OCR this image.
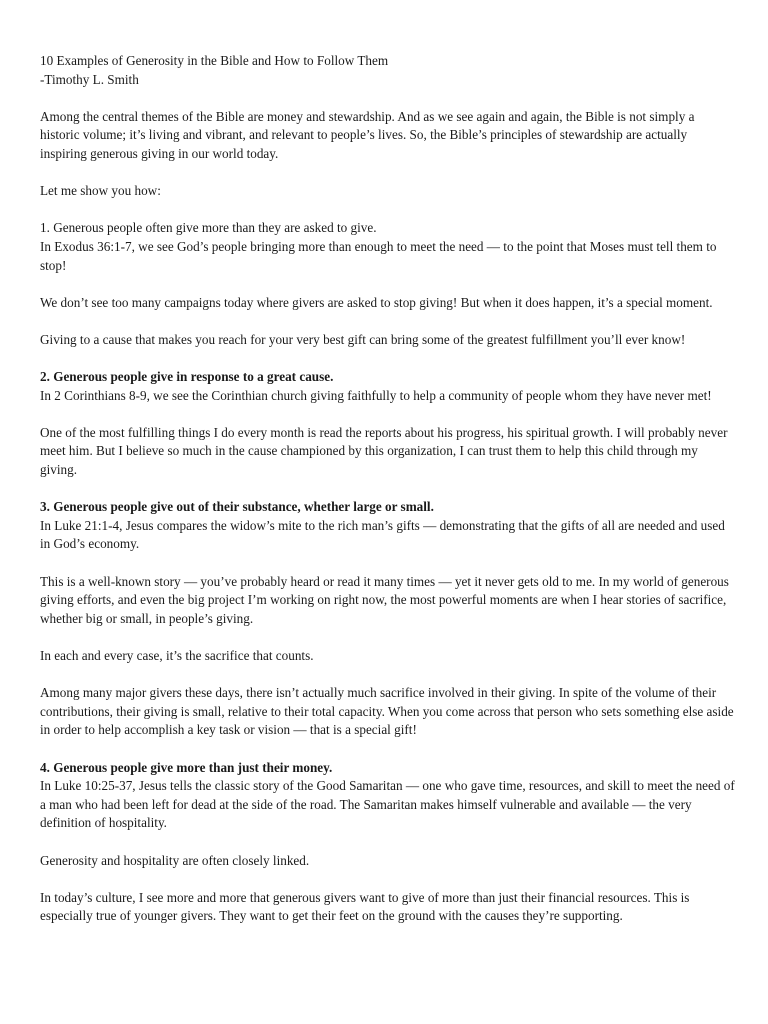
10 Examples of Generosity in the Bible and How to Follow Them
-Timothy L. Smith

Among the central themes of the Bible are money and stewardship. And as we see again and again, the Bible is not simply a historic volume; it’s living and vibrant, and relevant to people’s lives. So, the Bible’s principles of stewardship are actually inspiring generous giving in our world today.

Let me show you how:

1. Generous people often give more than they are asked to give.
In Exodus 36:1-7, we see God’s people bringing more than enough to meet the need — to the point that Moses must tell them to stop!

We don’t see too many campaigns today where givers are asked to stop giving! But when it does happen, it’s a special moment.

Giving to a cause that makes you reach for your very best gift can bring some of the greatest fulfillment you’ll ever know!

2. Generous people give in response to a great cause.
In 2 Corinthians 8-9, we see the Corinthian church giving faithfully to help a community of people whom they have never met!

One of the most fulfilling things I do every month is read the reports about his progress, his spiritual growth. I will probably never meet him. But I believe so much in the cause championed by this organization, I can trust them to help this child through my giving.

3. Generous people give out of their substance, whether large or small.
In Luke 21:1-4, Jesus compares the widow’s mite to the rich man’s gifts — demonstrating that the gifts of all are needed and used in God’s economy.

This is a well-known story — you’ve probably heard or read it many times — yet it never gets old to me. In my world of generous giving efforts, and even the big project I’m working on right now, the most powerful moments are when I hear stories of sacrifice, whether big or small, in people’s giving.

In each and every case, it’s the sacrifice that counts.

Among many major givers these days, there isn’t actually much sacrifice involved in their giving. In spite of the volume of their contributions, their giving is small, relative to their total capacity. When you come across that person who sets something else aside in order to help accomplish a key task or vision — that is a special gift!

4. Generous people give more than just their money.
In Luke 10:25-37, Jesus tells the classic story of the Good Samaritan — one who gave time, resources, and skill to meet the need of a man who had been left for dead at the side of the road. The Samaritan makes himself vulnerable and available — the very definition of hospitality.

Generosity and hospitality are often closely linked.

In today’s culture, I see more and more that generous givers want to give of more than just their financial resources. This is especially true of younger givers. They want to get their feet on the ground with the causes they’re supporting.
